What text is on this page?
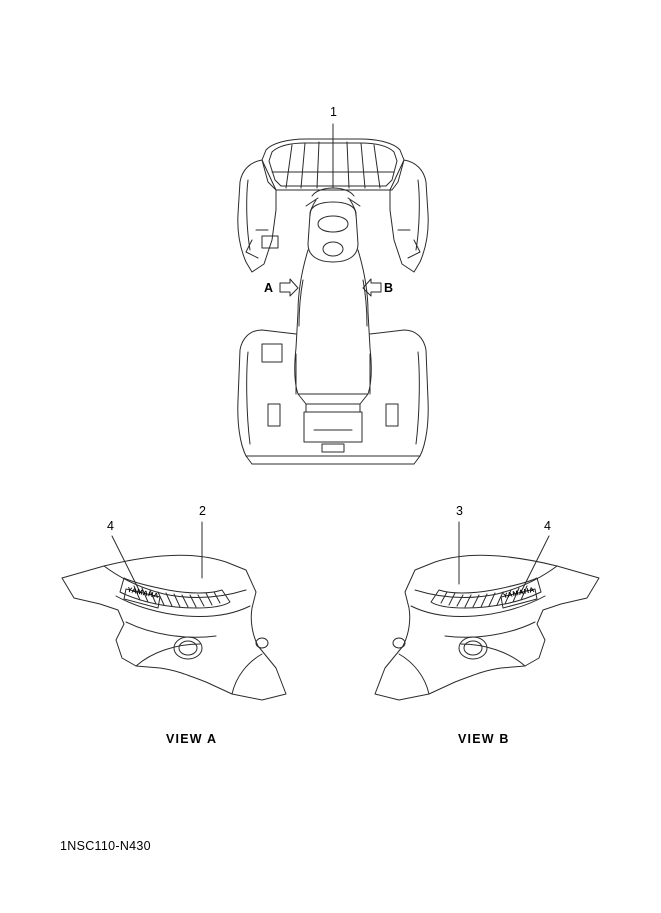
1
2	3
4	4
A	B
VIEW A	VIEW B
YAMAHA	YAMAHA
1NSC110-N430
